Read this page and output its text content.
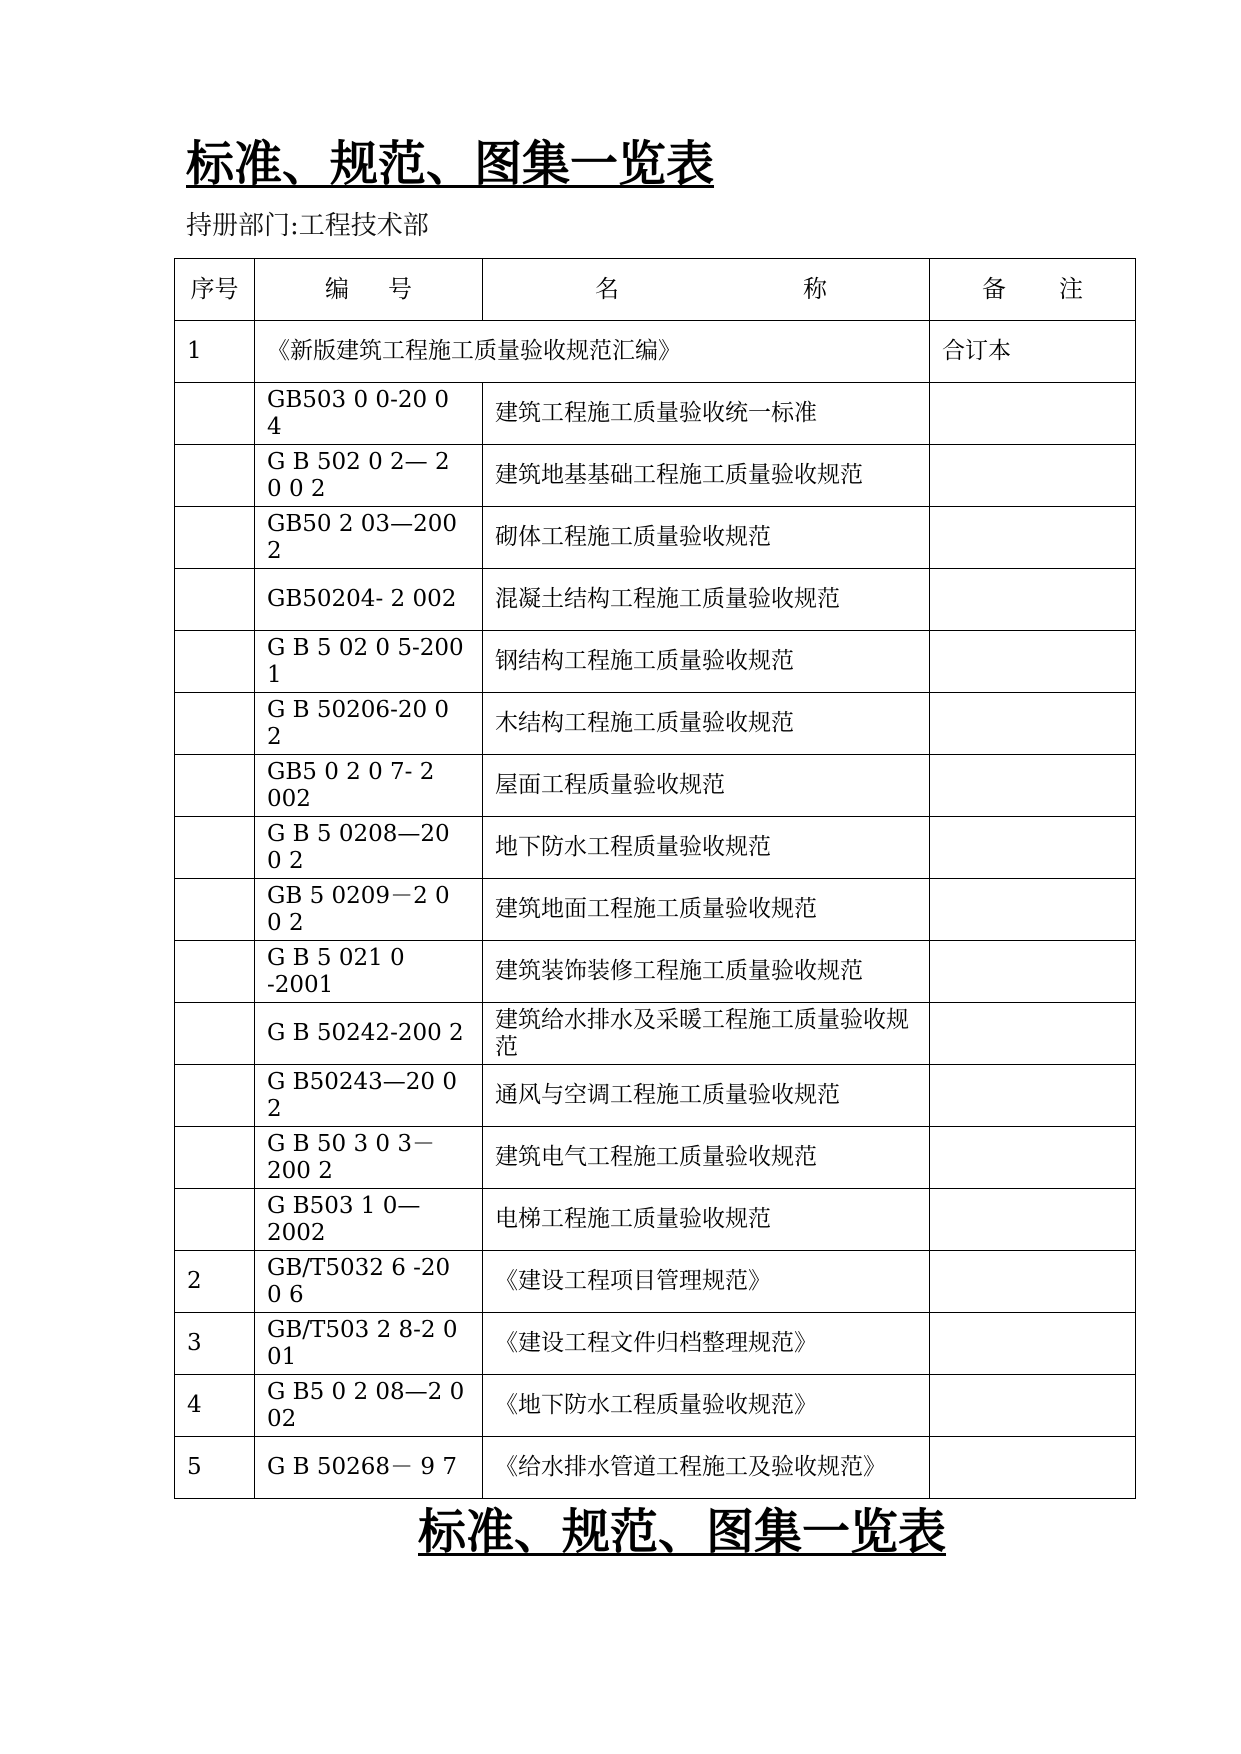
标准、规范、图集一览表
持册部门:工程技术部
序号	编 号	名 称	备 注

1	《新版建筑工程施工质量验收规范汇编》		合订本
	GB503 0 0-20 0 4	建筑工程施工质量验收统一标准	
	G B 502 0 2— 2 0 0 2	建筑地基基础工程施工质量验收规范	
	GB50 2 03—200 2	砌体工程施工质量验收规范	
	GB50204- 2 002	混凝土结构工程施工质量验收规范	
	G B 5 02 0 5-200 1	钢结构工程施工质量验收规范	
	G B 50206-20 0 2	木结构工程施工质量验收规范	
	GB5 0 2 0 7- 2 002	屋面工程质量验收规范	
	G B 5 0208—20 0 2	地下防水工程质量验收规范	
	GB 5 0209－2 0 0 2	建筑地面工程施工质量验收规范	
	G B 5 021 0 -2001	建筑装饰装修工程施工质量验收规范	
	G B 50242-200 2	建筑给水排水及采暖工程施工质量验收规范	
	G B50243—20 0 2	通风与空调工程施工质量验收规范	
	G B 50 3 0 3－200 2	建筑电气工程施工质量验收规范	
	G B503 1 0—2002	电梯工程施工质量验收规范	
2	GB/T5032 6 -20 0 6	《建设工程项目管理规范》	
3	GB/T503 2 8-2 0 01	《建设工程文件归档整理规范》	
4	G B5 0 2 08—2 0 02	《地下防水工程质量验收规范》	
5	G B 50268－ 9 7	《给水排水管道工程施工及验收规范》	
标准、规范、图集一览表
